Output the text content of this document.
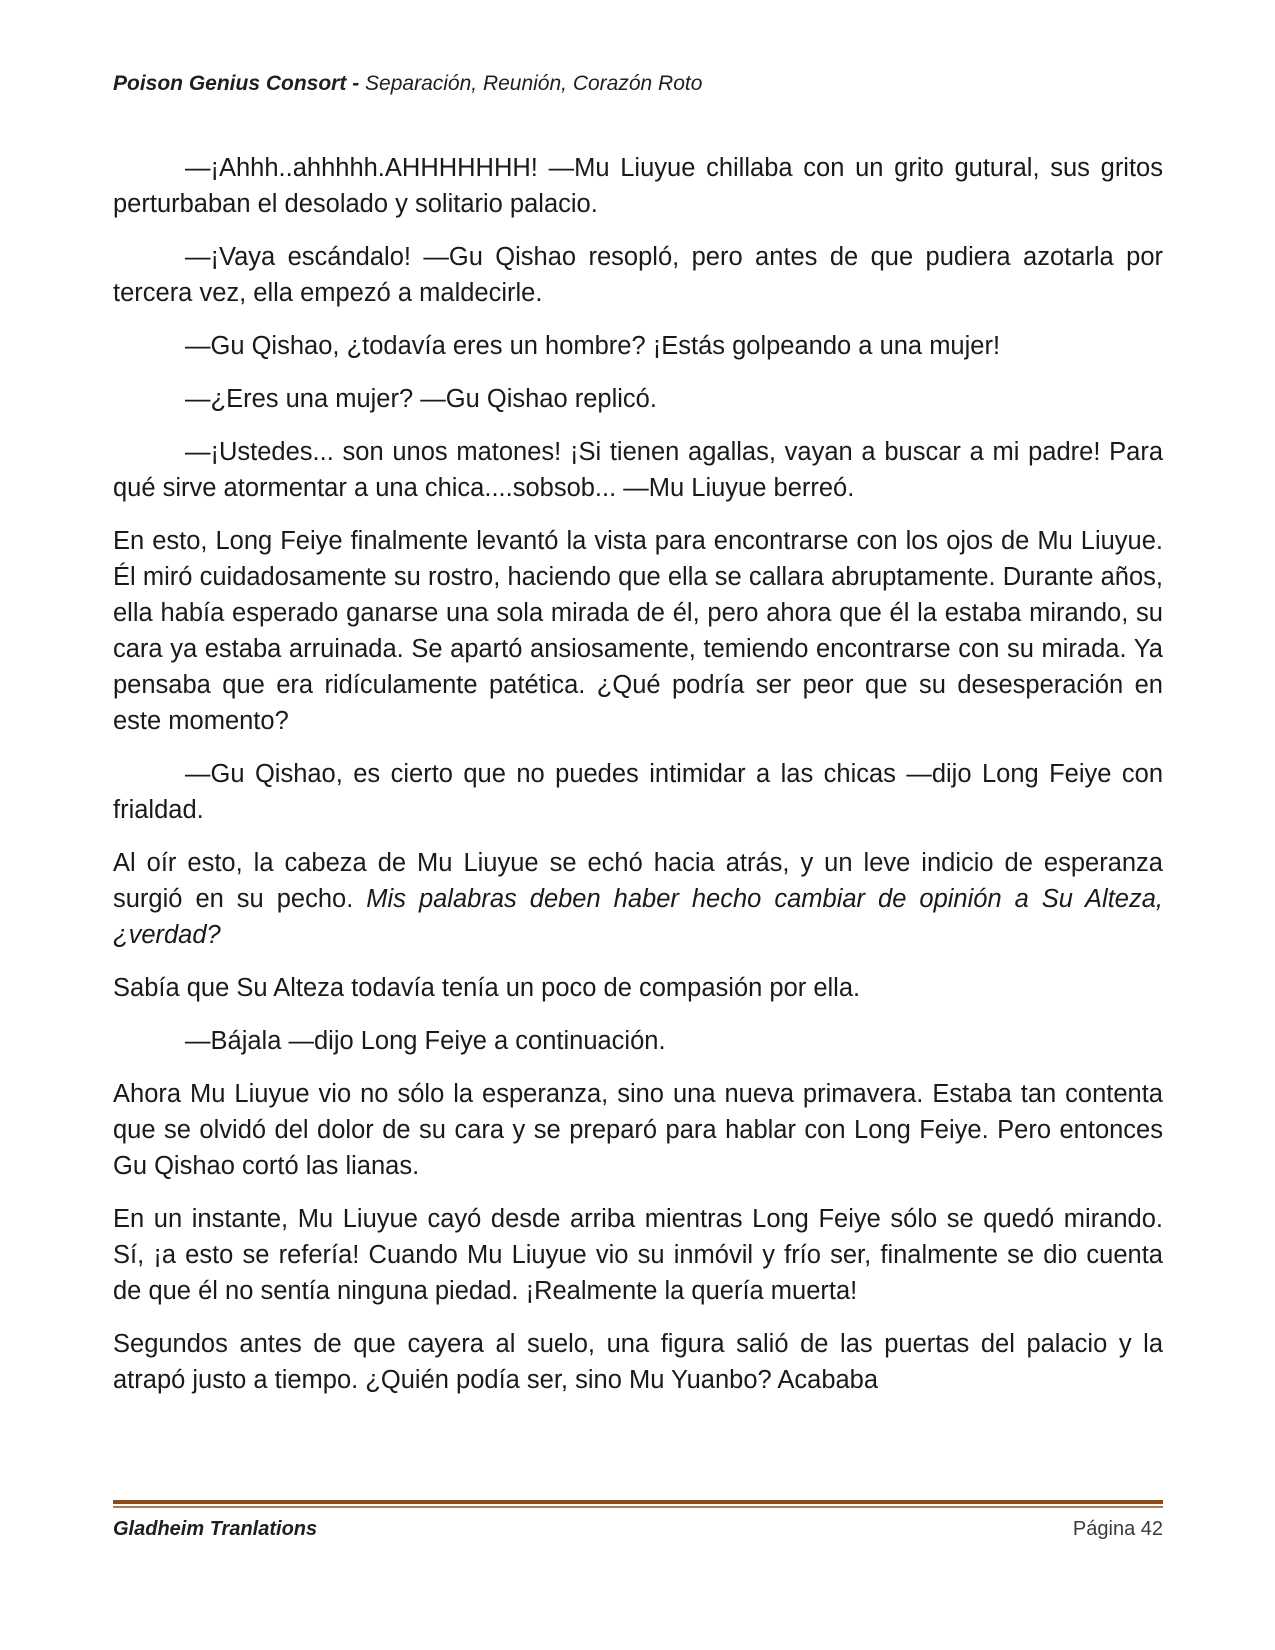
Poison Genius Consort - Separación, Reunión, Corazón Roto

—¡Ahhh..ahhhhh.AHHHHHHH! —Mu Liuyue chillaba con un grito gutural, sus gritos perturbaban el desolado y solitario palacio.

—¡Vaya escándalo! —Gu Qishao resopló, pero antes de que pudiera azotarla por tercera vez, ella empezó a maldecirle.

—Gu Qishao, ¿todavía eres un hombre? ¡Estás golpeando a una mujer!

—¿Eres una mujer? —Gu Qishao replicó.

—¡Ustedes... son unos matones! ¡Si tienen agallas, vayan a buscar a mi padre! Para qué sirve atormentar a una chica....sobsob... —Mu Liuyue berreó.

En esto, Long Feiye finalmente levantó la vista para encontrarse con los ojos de Mu Liuyue. Él miró cuidadosamente su rostro, haciendo que ella se callara abruptamente. Durante años, ella había esperado ganarse una sola mirada de él, pero ahora que él la estaba mirando, su cara ya estaba arruinada. Se apartó ansiosamente, temiendo encontrarse con su mirada. Ya pensaba que era ridículamente patética. ¿Qué podría ser peor que su desesperación en este momento?

—Gu Qishao, es cierto que no puedes intimidar a las chicas —dijo Long Feiye con frialdad.

Al oír esto, la cabeza de Mu Liuyue se echó hacia atrás, y un leve indicio de esperanza surgió en su pecho. Mis palabras deben haber hecho cambiar de opinión a Su Alteza, ¿verdad?

Sabía que Su Alteza todavía tenía un poco de compasión por ella.

—Bájala —dijo Long Feiye a continuación.

Ahora Mu Liuyue vio no sólo la esperanza, sino una nueva primavera. Estaba tan contenta que se olvidó del dolor de su cara y se preparó para hablar con Long Feiye. Pero entonces Gu Qishao cortó las lianas.

En un instante, Mu Liuyue cayó desde arriba mientras Long Feiye sólo se quedó mirando. Sí, ¡a esto se refería! Cuando Mu Liuyue vio su inmóvil y frío ser, finalmente se dio cuenta de que él no sentía ninguna piedad. ¡Realmente la quería muerta!

Segundos antes de que cayera al suelo, una figura salió de las puertas del palacio y la atrapó justo a tiempo. ¿Quién podía ser, sino Mu Yuanbo? Acababa

Gladheim Tranlations	Página 42
